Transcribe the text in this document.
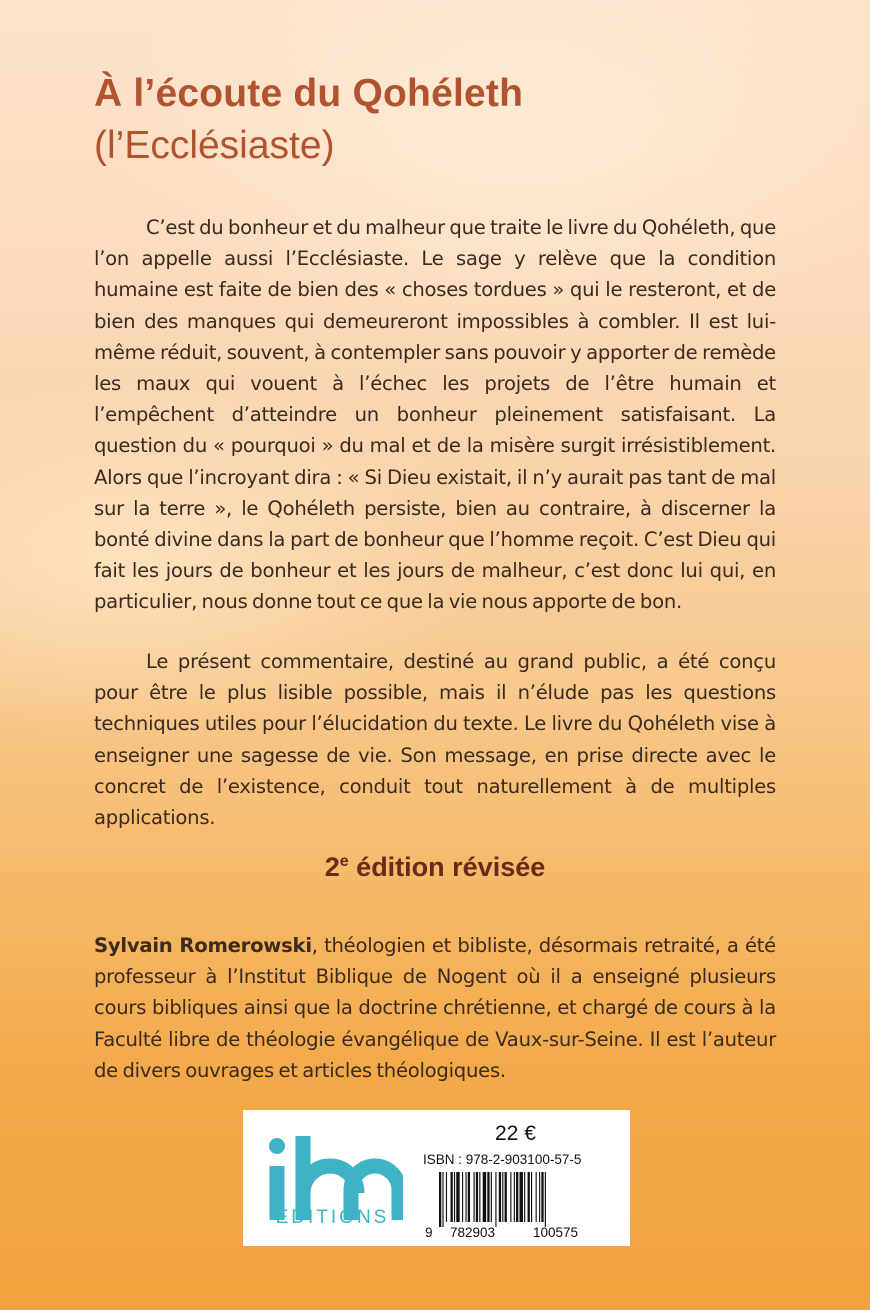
À l’écoute du Qohéleth
(l’Ecclésiaste)

C’est du bonheur et du malheur que traite le livre du Qohéleth, que l’on appelle aussi l’Ecclésiaste. Le sage y relève que la condition humaine est faite de bien des « choses tordues » qui le resteront, et de bien des manques qui demeureront impossibles à combler. Il est lui-même réduit, souvent, à contempler sans pouvoir y apporter de remède les maux qui vouent à l’échec les projets de l’être humain et l’empêchent d’atteindre un bonheur pleinement satisfaisant. La question du « pourquoi » du mal et de la misère surgit irrésistiblement. Alors que l’incroyant dira : « Si Dieu existait, il n’y aurait pas tant de mal sur la terre », le Qohéleth persiste, bien au contraire, à discerner la bonté divine dans la part de bonheur que l’homme reçoit. C’est Dieu qui fait les jours de bonheur et les jours de malheur, c’est donc lui qui, en particulier, nous donne tout ce que la vie nous apporte de bon.

Le présent commentaire, destiné au grand public, a été conçu pour être le plus lisible possible, mais il n’élude pas les questions techniques utiles pour l’élucidation du texte. Le livre du Qohéleth vise à enseigner une sagesse de vie. Son message, en prise directe avec le concret de l’existence, conduit tout naturellement à de multiples applications.

2e édition révisée

Sylvain Romerowski, théologien et bibliste, désormais retraité, a été professeur à l’Institut Biblique de Nogent où il a enseigné plusieurs cours bibliques ainsi que la doctrine chrétienne, et chargé de cours à la Faculté libre de théologie évangélique de Vaux-sur-Seine. Il est l’auteur de divers ouvrages et articles théologiques.

ÉDITIONS
22 €
ISBN : 978-2-903100-57-5
9 782903	100575
